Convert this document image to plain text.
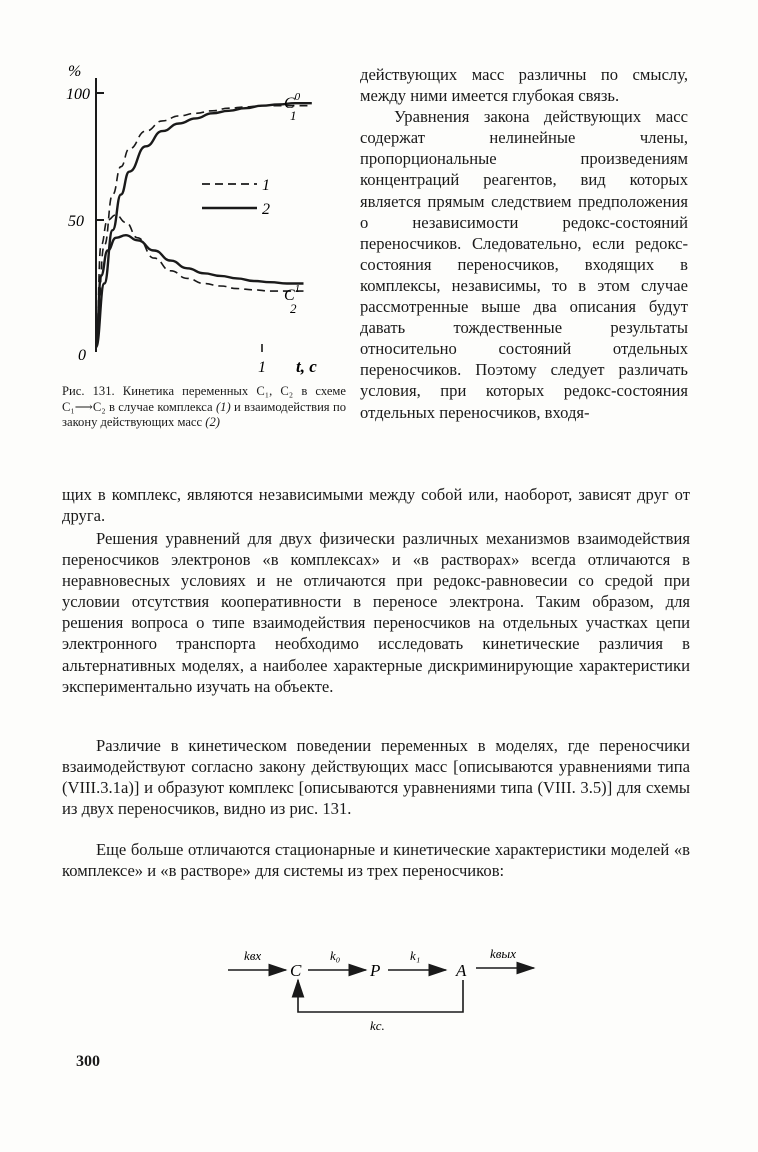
%
100
50
0
1 t, c
1
2
$C^0$
1
$C^1$
2

действующих масс различны по смыслу, между ними имеется глубокая связь.

Уравнения закона действующих масс содержат нелинейные члены, пропорциональные произведениям концентраций реагентов, вид которых является прямым следствием предположения о независимости редокс-состояний переносчиков. Следовательно, если редокс-состояния переносчиков, входящих в комплексы, независимы, то в этом случае рассмотренные выше два описания будут давать тождественные результаты относительно состояний отдельных переносчиков. Поэтому следует различать условия, при которых редокс-состояния отдельных переносчиков, входя-

Рис. 131. Кинетика переменных C₁, C₂ в схеме C₁⟶C₂ в случае комплекса (1) и взаимодействия по закону действующих масс (2)

щих в комплекс, являются независимыми между собой или, наоборот, зависят друг от друга.

Решения уравнений для двух физически различных механизмов взаимодействия переносчиков электронов «в комплексах» и «в растворах» всегда отличаются в неравновесных условиях и не отличаются при редокс-равновесии со средой при условии отсутствия кооперативности в переносе электрона. Таким образом, для решения вопроса о типе взаимодействия переносчиков на отдельных участках цепи электронного транспорта необходимо исследовать кинетические различия в альтернативных моделях, а наиболее характерные дискриминирующие характеристики экспериментально изучать на объекте.

Различие в кинетическом поведении переменных в моделях, где переносчики взаимодействуют согласно закону действующих масс [описываются уравнениями типа (VIII.3.1а)] и образуют комплекс [описываются уравнениями типа (VIII. 3.5)] для схемы из двух переносчиков, видно из рис. 131.

Еще больше отличаются стационарные и кинетические характеристики моделей «в комплексе» и «в растворе» для системы из трех переносчиков:

kвх
C
k₀
P
k₁
A
kвых
kс.
300
